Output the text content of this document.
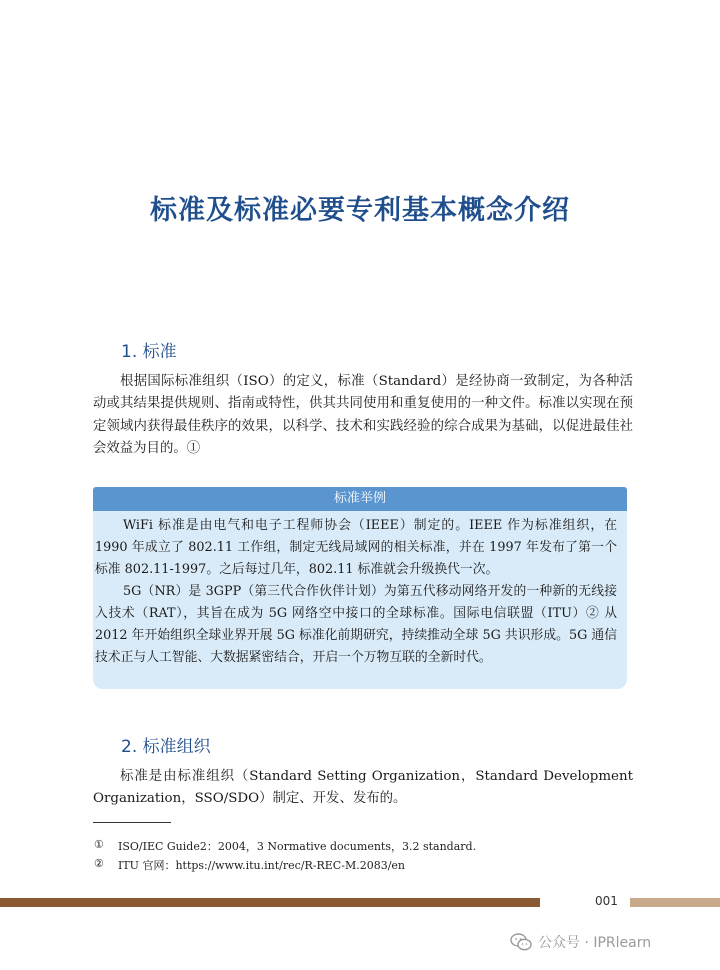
标准及标准必要专利基本概念介绍
1. 标准

根据国际标准组织（ISO）的定义，标准（Standard）是经协商一致制定，为各种活动或其结果提供规则、指南或特性，供其共同使用和重复使用的一种文件。标准以实现在预定领域内获得最佳秩序的效果，以科学、技术和实践经验的综合成果为基础，以促进最佳社会效益为目的。①

标准举例

WiFi 标准是由电气和电子工程师协会（IEEE）制定的。IEEE 作为标准组织，在 1990 年成立了 802.11 工作组，制定无线局域网的相关标准，并在 1997 年发布了第一个标准 802.11-1997。之后每过几年，802.11 标准就会升级换代一次。

5G（NR）是 3GPP（第三代合作伙伴计划）为第五代移动网络开发的一种新的无线接入技术（RAT），其旨在成为 5G 网络空中接口的全球标准。国际电信联盟（ITU）② 从 2012 年开始组织全球业界开展 5G 标准化前期研究，持续推动全球 5G 共识形成。5G 通信技术正与人工智能、大数据紧密结合，开启一个万物互联的全新时代。

2. 标准组织

标准是由标准组织（Standard Setting Organization，Standard Development Organization，SSO/SDO）制定、开发、发布的。

① ISO/IEC Guide2：2004，3 Normative documents，3.2 standard.
② ITU 官网：https://www.itu.int/rec/R-REC-M.2083/en
001
公众号 · IPRlearn
